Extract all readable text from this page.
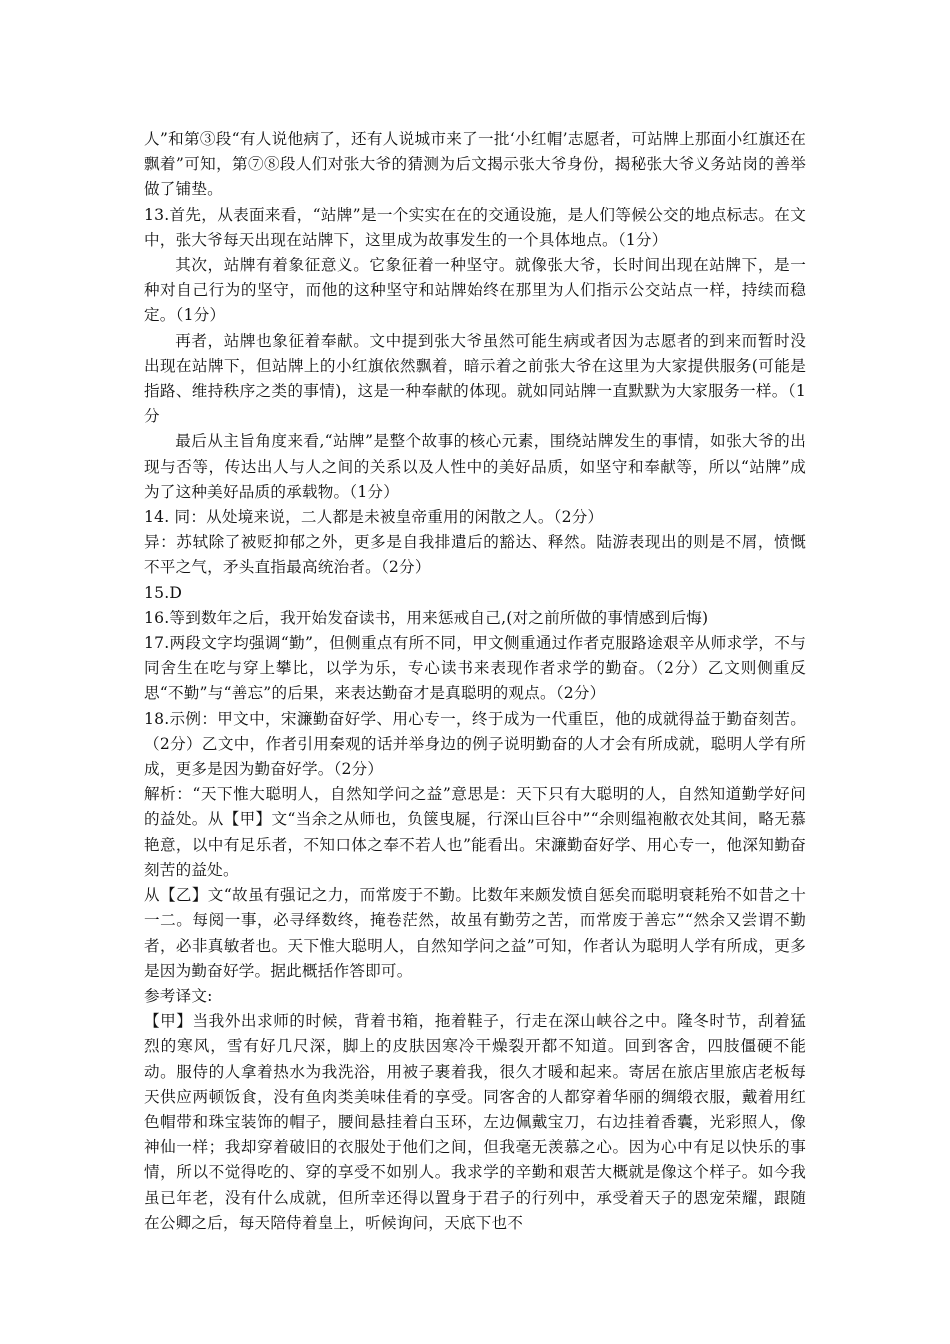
人”和第③段“有人说他病了，还有人说城市来了一批‘小红帽’志愿者，可站牌上那面小红旗还在飘着”可知，第⑦⑧段人们对张大爷的猜测为后文揭示张大爷身份，揭秘张大爷义务站岗的善举做了铺垫。

13.首先，从表面来看，“站牌”是一个实实在在的交通设施，是人们等候公交的地点标志。在文中，张大爷每天出现在站牌下，这里成为故事发生的一个具体地点。（1分）

其次，站牌有着象征意义。它象征着一种坚守。就像张大爷，长时间出现在站牌下，是一种对自己行为的坚守，而他的这种坚守和站牌始终在那里为人们指示公交站点一样，持续而稳定。（1分）

再者，站牌也象征着奉献。文中提到张大爷虽然可能生病或者因为志愿者的到来而暂时没出现在站牌下，但站牌上的小红旗依然飘着，暗示着之前张大爷在这里为大家提供服务(可能是指路、维持秩序之类的事情)，这是一种奉献的体现。就如同站牌一直默默为大家服务一样。（1分

最后从主旨角度来看,“站牌”是整个故事的核心元素，围绕站牌发生的事情，如张大爷的出现与否等，传达出人与人之间的关系以及人性中的美好品质，如坚守和奉献等，所以“站牌”成为了这种美好品质的承载物。（1分）

14. 同：从处境来说，二人都是未被皇帝重用的闲散之人。（2分）

异：苏轼除了被贬抑郁之外，更多是自我排遣后的豁达、释然。陆游表现出的则是不屑，愤慨不平之气，矛头直指最高统治者。（2分）

15.D

16.等到数年之后，我开始发奋读书，用来惩戒自己,(对之前所做的事情感到后悔)

17.两段文字均强调“勤”，但侧重点有所不同，甲文侧重通过作者克服路途艰辛从师求学，不与同舍生在吃与穿上攀比，以学为乐，专心读书来表现作者求学的勤奋。（2分）乙文则侧重反思“不勤”与“善忘”的后果，来表达勤奋才是真聪明的观点。（2分）

18.示例：甲文中，宋濂勤奋好学、用心专一，终于成为一代重臣，他的成就得益于勤奋刻苦。（2分）乙文中，作者引用秦观的话并举身边的例子说明勤奋的人才会有所成就，聪明人学有所成，更多是因为勤奋好学。（2分）

解析：“天下惟大聪明人，自然知学问之益”意思是：天下只有大聪明的人，自然知道勤学好问的益处。从【甲】文“当余之从师也，负箧曳屣，行深山巨谷中”“余则缊袍敝衣处其间，略无慕艳意，以中有足乐者，不知口体之奉不若人也”能看出。宋濂勤奋好学、用心专一，他深知勤奋刻苦的益处。

从【乙】文“故虽有强记之力，而常废于不勤。比数年来颇发愤自惩矣而聪明衰耗殆不如昔之十一二。每阅一事，必寻绎数终，掩卷茫然，故虽有勤劳之苦，而常废于善忘”“然余又尝谓不勤者，必非真敏者也。天下惟大聪明人，自然知学问之益”可知，作者认为聪明人学有所成，更多是因为勤奋好学。据此概括作答即可。

参考译文:

【甲】当我外出求师的时候，背着书箱，拖着鞋子，行走在深山峡谷之中。隆冬时节，刮着猛烈的寒风，雪有好几尺深，脚上的皮肤因寒冷干燥裂开都不知道。回到客舍，四肢僵硬不能动。服侍的人拿着热水为我洗浴，用被子裹着我，很久才暖和起来。寄居在旅店里旅店老板每天供应两顿饭食，没有鱼肉类美味佳肴的享受。同客舍的人都穿着华丽的绸缎衣服，戴着用红色帽带和珠宝装饰的帽子，腰间悬挂着白玉环，左边佩戴宝刀，右边挂着香囊，光彩照人，像神仙一样；我却穿着破旧的衣服处于他们之间，但我毫无羡慕之心。因为心中有足以快乐的事情，所以不觉得吃的、穿的享受不如别人。我求学的辛勤和艰苦大概就是像这个样子。如今我虽已年老，没有什么成就，但所幸还得以置身于君子的行列中，承受着天子的恩宠荣耀，跟随在公卿之后，每天陪侍着皇上，听候询问，天底下也不
